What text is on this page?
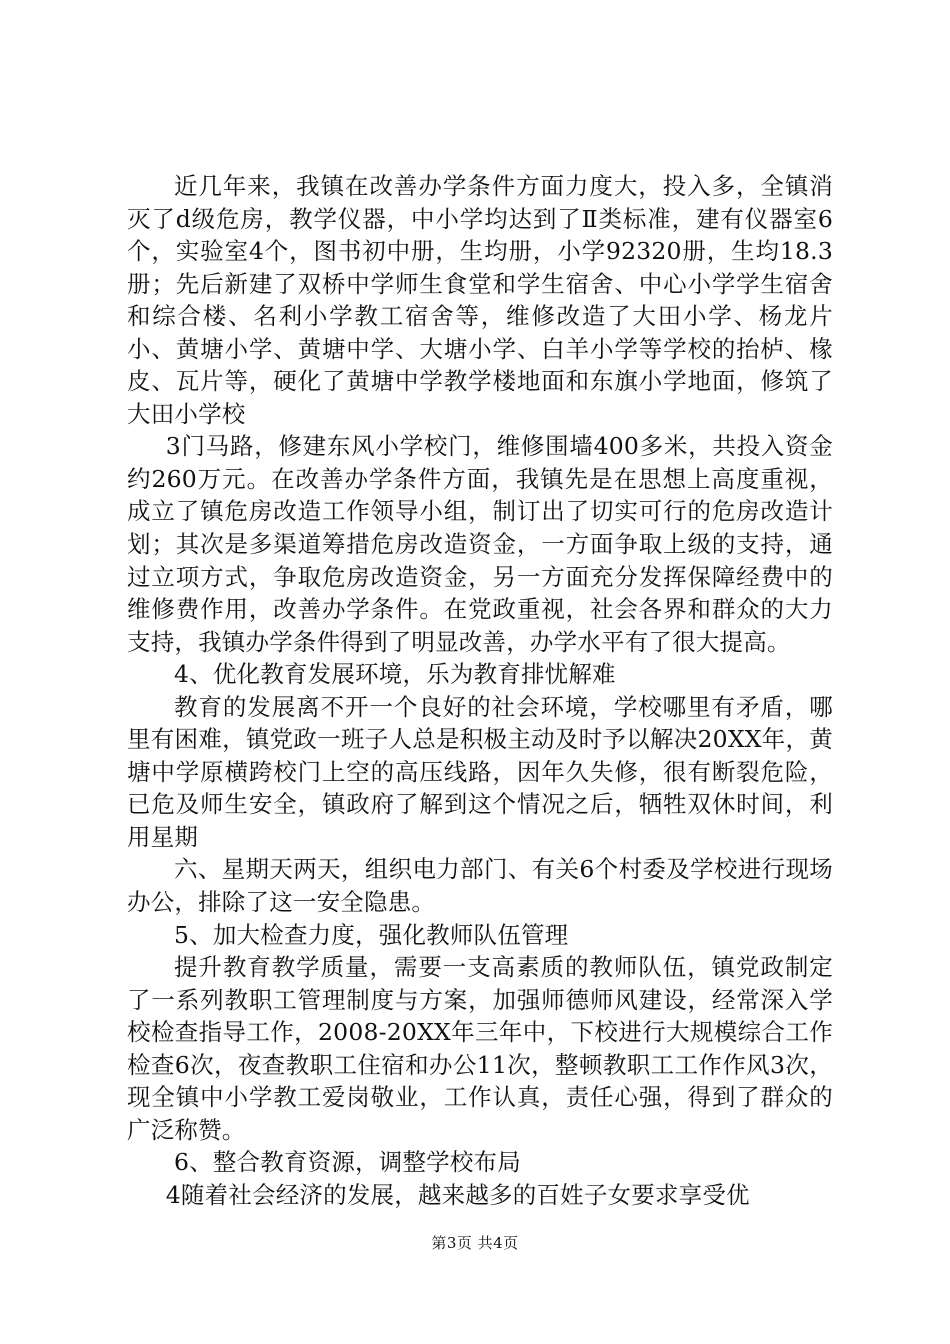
近几年来，我镇在改善办学条件方面力度大，投入多，全镇消灭了d级危房，教学仪器，中小学均达到了Ⅱ类标准，建有仪器室6个，实验室4个，图书初中册，生均册，小学92320册，生均18.3册；先后新建了双桥中学师生食堂和学生宿舍、中心小学学生宿舍和综合楼、名利小学教工宿舍等，维修改造了大田小学、杨龙片小、黄塘小学、黄塘中学、大塘小学、白羊小学等学校的抬栌、椽皮、瓦片等，硬化了黄塘中学教学楼地面和东旗小学地面，修筑了大田小学校

3门马路，修建东风小学校门，维修围墙400多米，共投入资金约260万元。在改善办学条件方面，我镇先是在思想上高度重视，成立了镇危房改造工作领导小组，制订出了切实可行的危房改造计划；其次是多渠道筹措危房改造资金，一方面争取上级的支持，通过立项方式，争取危房改造资金，另一方面充分发挥保障经费中的维修费作用，改善办学条件。在党政重视，社会各界和群众的大力支持，我镇办学条件得到了明显改善，办学水平有了很大提高。

4、优化教育发展环境，乐为教育排忧解难

教育的发展离不开一个良好的社会环境，学校哪里有矛盾，哪里有困难，镇党政一班子人总是积极主动及时予以解决20XX年，黄塘中学原横跨校门上空的高压线路，因年久失修，很有断裂危险，已危及师生安全，镇政府了解到这个情况之后，牺牲双休时间，利用星期

六、星期天两天，组织电力部门、有关6个村委及学校进行现场办公，排除了这一安全隐患。

5、加大检查力度，强化教师队伍管理

提升教育教学质量，需要一支高素质的教师队伍，镇党政制定了一系列教职工管理制度与方案，加强师德师风建设，经常深入学校检查指导工作，2008-20XX年三年中，下校进行大规模综合工作检查6次，夜查教职工住宿和办公11次，整顿教职工工作作风3次，现全镇中小学教工爱岗敬业，工作认真，责任心强，得到了群众的广泛称赞。

6、整合教育资源，调整学校布局

4随着社会经济的发展，越来越多的百姓子女要求享受优

第3页 共4页
